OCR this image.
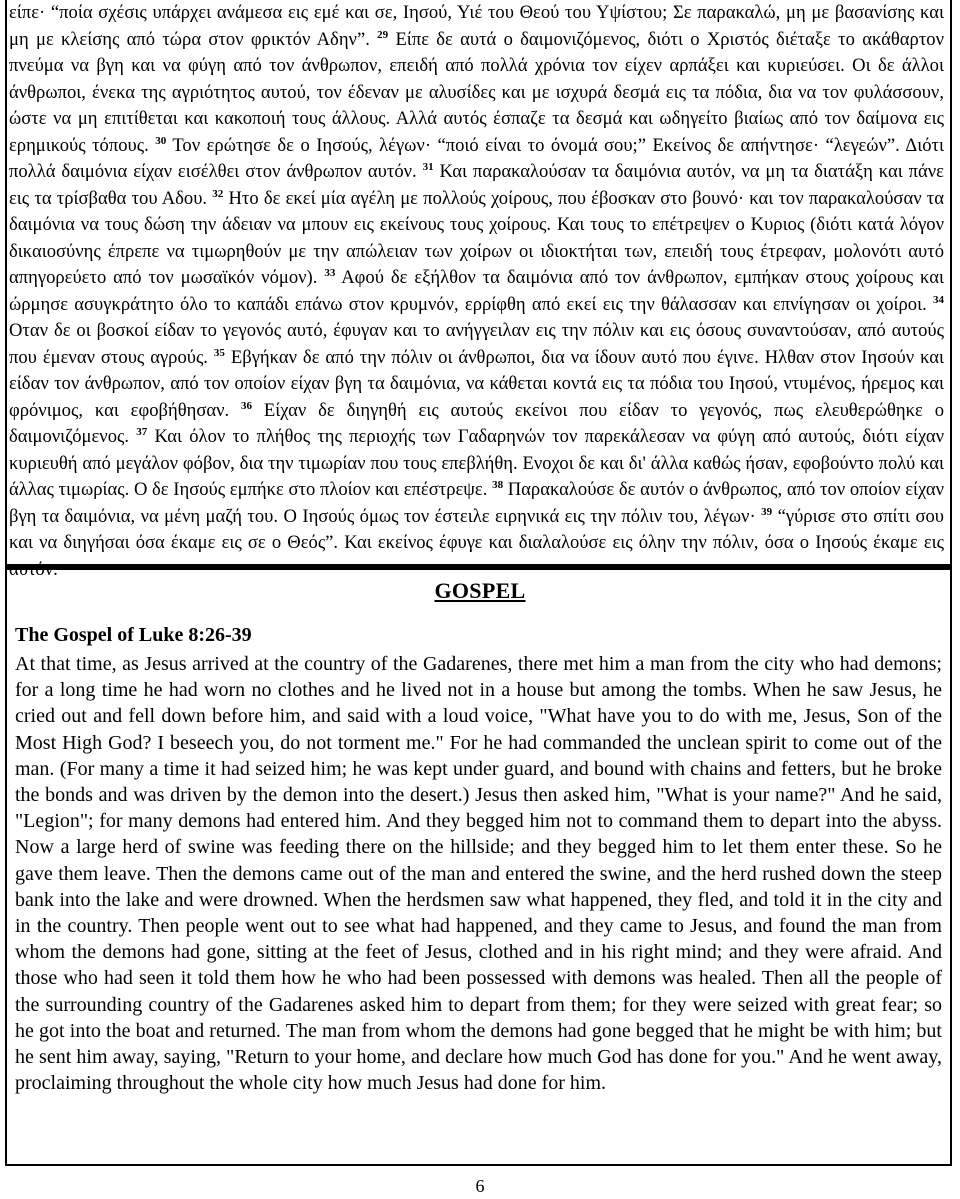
είπε· “ποία σχέσις υπάρχει ανάμεσα εις εμέ και σε, Ιησού, Υιέ του Θεού του Υψίστου; Σε παρακαλώ, μη με βασανίσης και μη με κλείσης από τώρα στον φρικτόν Αδην”. $^{29}$ Είπε δε αυτά ο δαιμονιζόμενος, διότι ο Χριστός διέταξε το ακάθαρτον πνεύμα να βγη και να φύγη από τον άνθρωπον, επειδή από πολλά χρόνια τον είχεν αρπάξει και κυριεύσει. Οι δε άλλοι άνθρωποι, ένεκα της αγριότητος αυτού, τον έδεναν με αλυσίδες και με ισχυρά δεσμά εις τα πόδια, δια να τον φυλάσσουν, ώστε να μη επιτίθεται και κακοποιή τους άλλους. Αλλά αυτός έσπαζε τα δεσμά και ωδηγείτο βιαίως από τον δαίμονα εις ερημικούς τόπους. $^{30}$ Τον ερώτησε δε ο Ιησούς, λέγων· “ποιό είναι το όνομά σου;” Εκείνος δε απήντησε· “λεγεών”. Διότι πολλά δαιμόνια είχαν εισέλθει στον άνθρωπον αυτόν. $^{31}$ Και παρακαλούσαν τα δαιμόνια αυτόν, να μη τα διατάξη και πάνε εις τα τρίσβαθα του Αδου. $^{32}$ Ητο δε εκεί μία αγέλη με πολλούς χοίρους, που έβοσκαν στο βουνό· και τον παρακαλούσαν τα δαιμόνια να τους δώση την άδειαν να μπουν εις εκείνους τους χοίρους. Και τους το επέτρεψεν ο Κυριος (διότι κατά λόγον δικαιοσύνης έπρεπε να τιμωρηθούν με την απώλειαν των χοίρων οι ιδιοκτήται των, επειδή τους έτρεφαν, μολονότι αυτό απηγορεύετο από τον μωσαϊκόν νόμον). $^{33}$ Αφού δε εξήλθον τα δαιμόνια από τον άνθρωπον, εμπήκαν στους χοίρους και ώρμησε ασυγκράτητο όλο το καπάδι επάνω στον κρυμνόν, ερρίφθη από εκεί εις την θάλασσαν και επνίγησαν οι χοίροι. $^{34}$ Οταν δε οι βοσκοί είδαν το γεγονός αυτό, έφυγαν και το ανήγγειλαν εις την πόλιν και εις όσους συναντούσαν, από αυτούς που έμεναν στους αγρούς. $^{35}$ Εβγήκαν δε από την πόλιν οι άνθρωποι, δια να ίδουν αυτό που έγινε. Ηλθαν στον Ιησούν και είδαν τον άνθρωπον, από τον οποίον είχαν βγη τα δαιμόνια, να κάθεται κοντά εις τα πόδια του Ιησού, ντυμένος, ήρεμος και φρόνιμος, και εφοβήθησαν. $^{36}$ Είχαν δε διηγηθή εις αυτούς εκείνοι που είδαν το γεγονός, πως ελευθερώθηκε ο δαιμονιζόμενος. $^{37}$ Και όλον το πλήθος της περιοχής των Γαδαρηνών τον παρεκάλεσαν να φύγη από αυτούς, διότι είχαν κυριευθή από μεγάλον φόβον, δια την τιμωρίαν που τους επεβλήθη. Ενοχοι δε και δι' άλλα καθώς ήσαν, εφοβούντο πολύ και άλλας τιμωρίας. Ο δε Ιησούς εμπήκε στο πλοίον και επέστρεψε. $^{38}$ Παρακαλούσε δε αυτόν ο άνθρωπος, από τον οποίον είχαν βγη τα δαιμόνια, να μένη μαζή του. Ο Ιησούς όμως τον έστειλε ειρηνικά εις την πόλιν του, λέγων· $^{39}$ “γύρισε στο σπίτι σου και να διηγήσαι όσα έκαμε εις σε ο Θεός”. Και εκείνος έφυγε και διαλαλούσε εις όλην την πόλιν, όσα ο Ιησούς έκαμε εις

GOSPEL

The Gospel of Luke 8:26-39

At that time, as Jesus arrived at the country of the Gadarenes, there met him a man from the city who had demons; for a long time he had worn no clothes and he lived not in a house but among the tombs. When he saw Jesus, he cried out and fell down before him, and said with a loud voice, "What have you to do with me, Jesus, Son of the Most High God? I beseech you, do not torment me." For he had commanded the unclean spirit to come out of the man. (For many a time it had seized him; he was kept under guard, and bound with chains and fetters, but he broke the bonds and was driven by the demon into the desert.) Jesus then asked him, "What is your name?" And he said, "Legion"; for many demons had entered him. And they begged him not to command them to depart into the abyss. Now a large herd of swine was feeding there on the hillside; and they begged him to let them enter these. So he gave them leave. Then the demons came out of the man and entered the swine, and the herd rushed down the steep bank into the lake and were drowned. When the herdsmen saw what happened, they fled, and told it in the city and in the country. Then people went out to see what had happened, and they came to Jesus, and found the man from whom the demons had gone, sitting at the feet of Jesus, clothed and in his right mind; and they were afraid. And those who had seen it told them how he who had been possessed with demons was healed. Then all the people of the surrounding country of the Gadarenes asked him to depart from them; for they were seized with great fear; so he got into the boat and returned. The man from whom the demons had gone begged that he might be with him; but he sent him away, saying, "Return to your home, and declare how much God has done for you." And he went away, proclaiming throughout the whole city how much Jesus had done for him.

6
